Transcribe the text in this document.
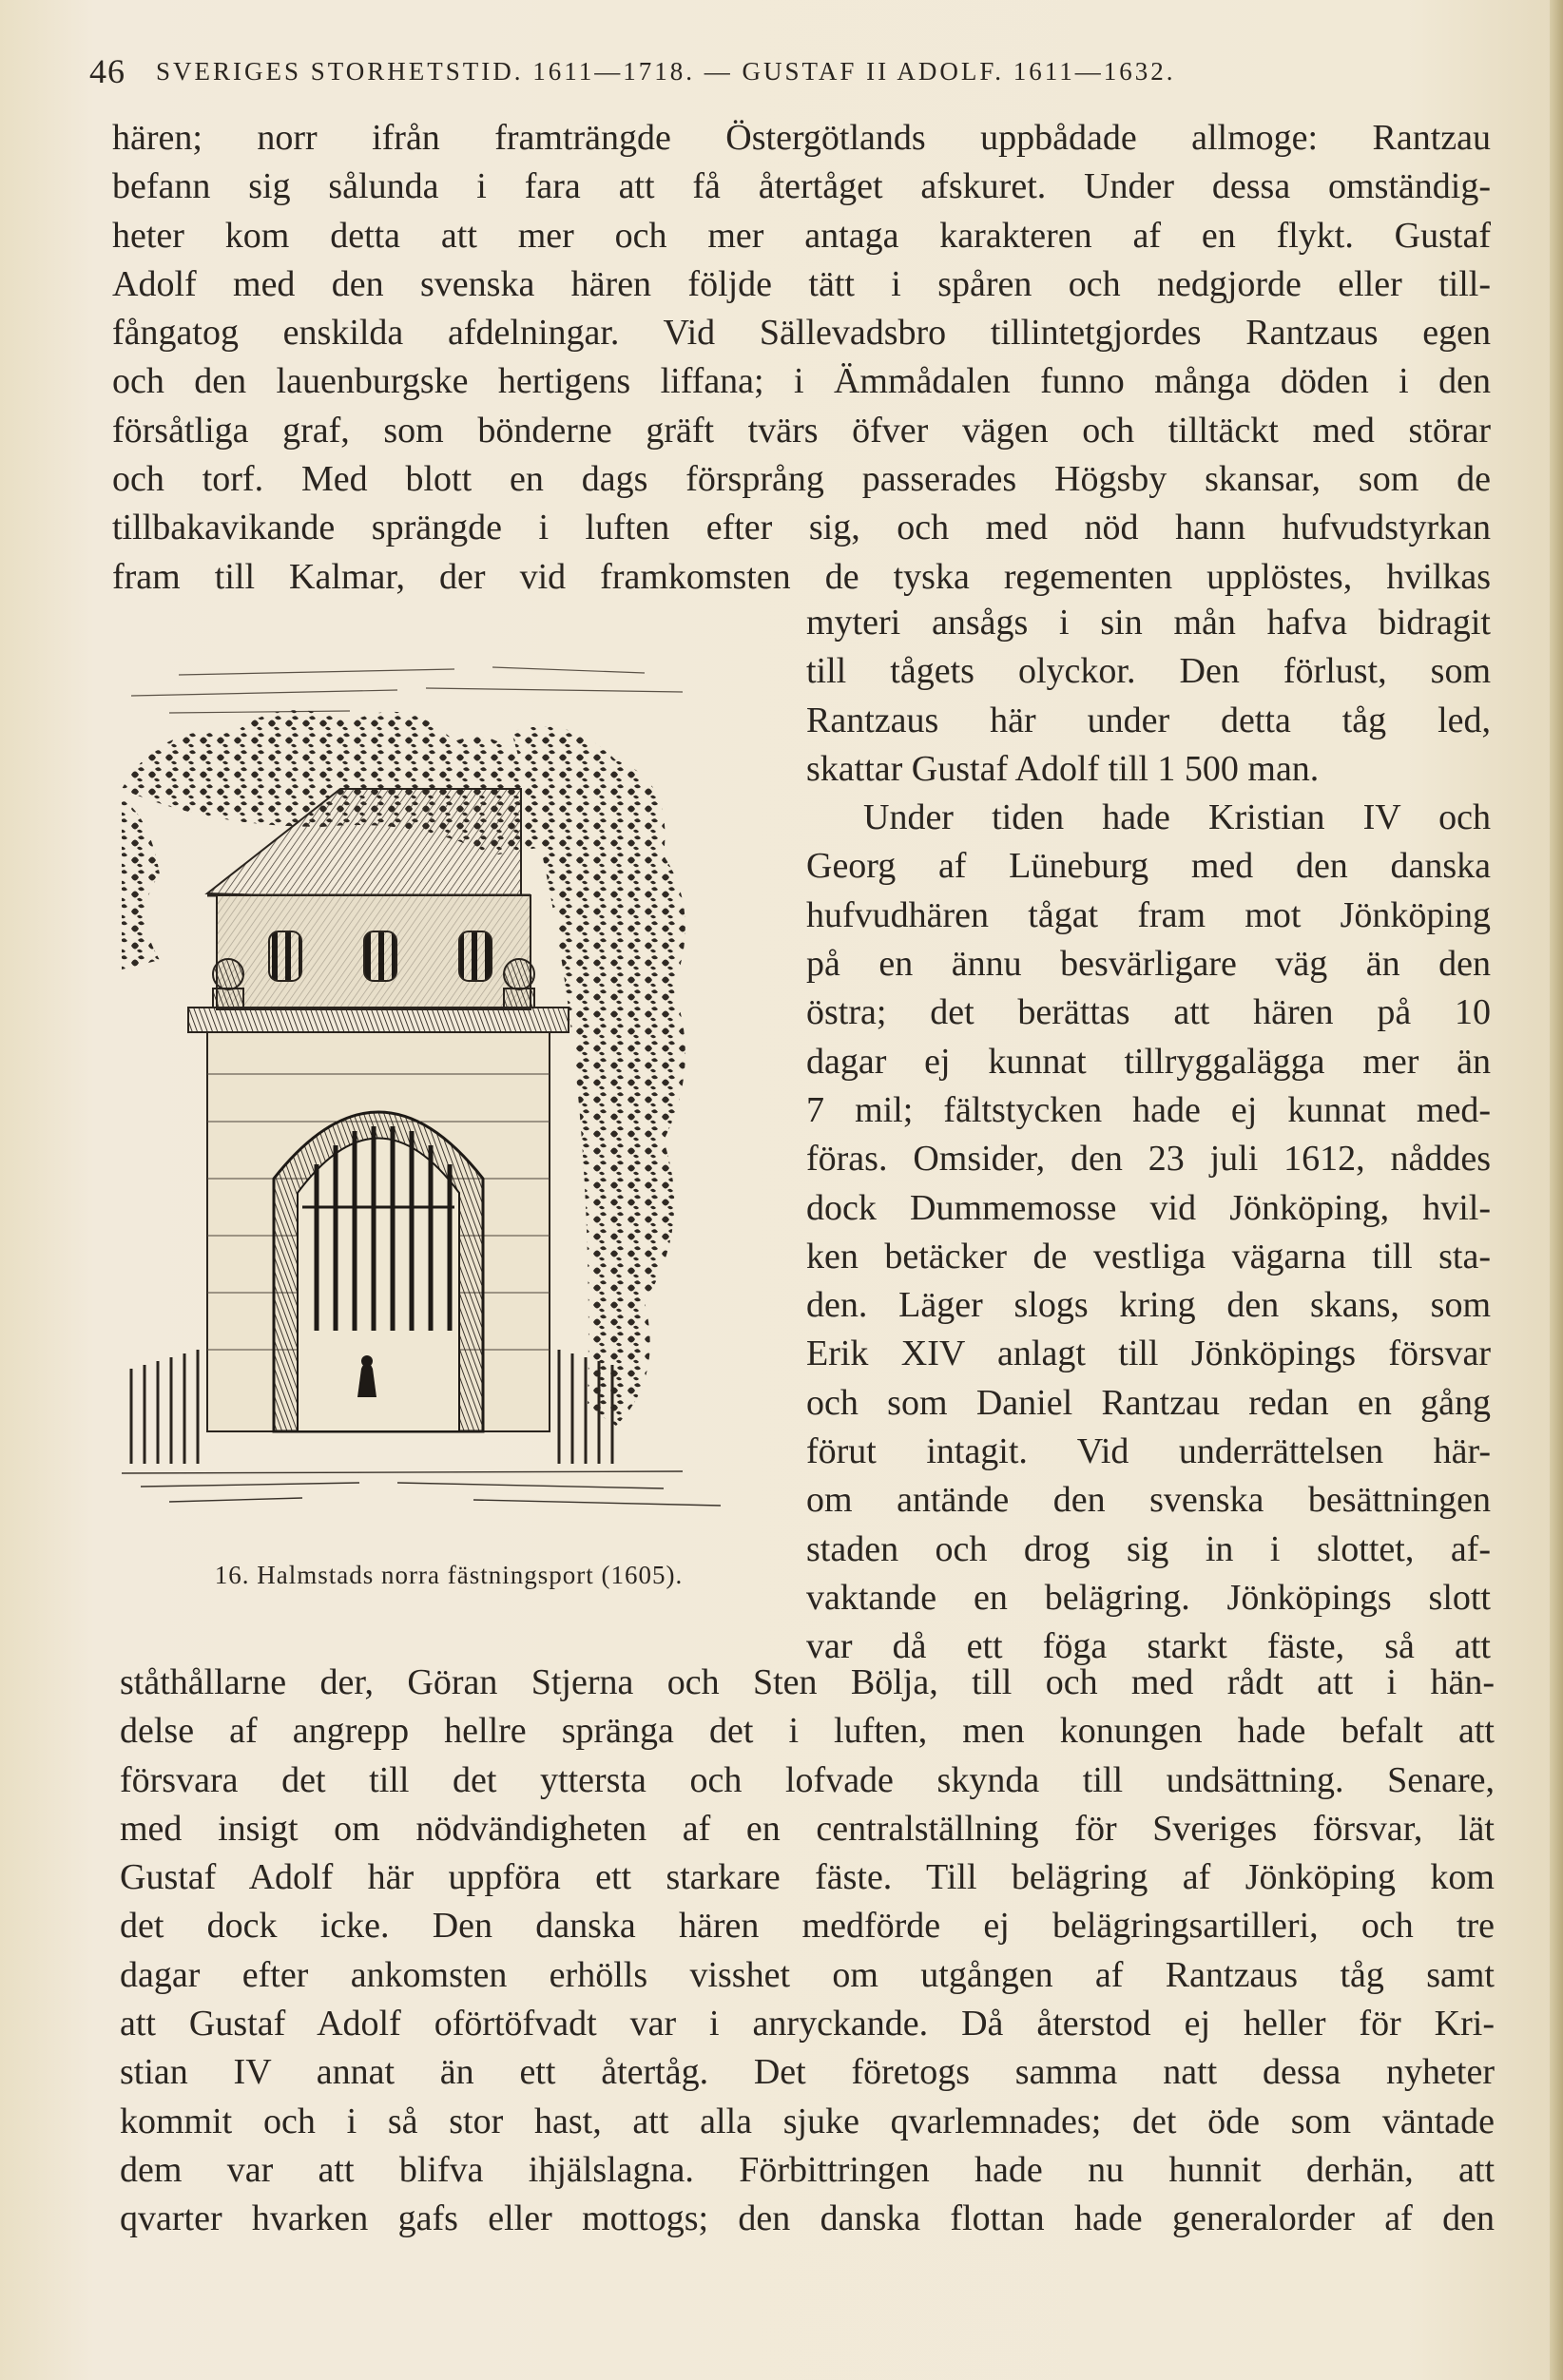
46 SVERIGES STORHETSTID. 1611—1718. — GUSTAF II ADOLF. 1611—1632.
hären; norr ifrån framträngde Östergötlands uppbådade allmoge: Rantzau
befann sig sålunda i fara att få återtåget afskuret. Under dessa omständig-
heter kom detta att mer och mer antaga karakteren af en flykt. Gustaf
Adolf med den svenska hären följde tätt i spåren och nedgjorde eller till-
fångatog enskilda afdelningar. Vid Sällevadsbro tillintetgjordes Rantzaus egen
och den lauenburgske hertigens liffana; i Ämmådalen funno många döden i den
försåtliga graf, som bönderne gräft tvärs öfver vägen och tilltäckt med störar
och torf. Med blott en dags försprång passerades Högsby skansar, som de
tillbakavikande sprängde i luften efter sig, och med nöd hann hufvudstyrkan
fram till Kalmar, der vid framkomsten de tyska regementen upplöstes, hvilkas
16. Halmstads norra fästningsport (1605).
myteri ansågs i sin mån hafva bidragit
till tågets olyckor. Den förlust, som
Rantzaus här under detta tåg led,
skattar Gustaf Adolf till 1 500 man.
Under tiden hade Kristian IV och
Georg af Lüneburg med den danska
hufvudhären tågat fram mot Jönköping
på en ännu besvärligare väg än den
östra; det berättas att hären på 10
dagar ej kunnat tillryggalägga mer än
7 mil; fältstycken hade ej kunnat med-
föras. Omsider, den 23 juli 1612, nåddes
dock Dummemosse vid Jönköping, hvil-
ken betäcker de vestliga vägarna till sta-
den. Läger slogs kring den skans, som
Erik XIV anlagt till Jönköpings försvar
och som Daniel Rantzau redan en gång
förut intagit. Vid underrättelsen här-
om antände den svenska besättningen
staden och drog sig in i slottet, af-
vaktande en belägring. Jönköpings slott
var då ett föga starkt fäste, så att
ståthållarne der, Göran Stjerna och Sten Bölja, till och med rådt att i hän-
delse af angrepp hellre spränga det i luften, men konungen hade befalt att
försvara det till det yttersta och lofvade skynda till undsättning. Senare,
med insigt om nödvändigheten af en centralställning för Sveriges försvar, lät
Gustaf Adolf här uppföra ett starkare fäste. Till belägring af Jönköping kom
det dock icke. Den danska hären medförde ej belägringsartilleri, och tre
dagar efter ankomsten erhölls visshet om utgången af Rantzaus tåg samt
att Gustaf Adolf oförtöfvadt var i anryckande. Då återstod ej heller för Kri-
stian IV annat än ett återtåg. Det företogs samma natt dessa nyheter
kommit och i så stor hast, att alla sjuke qvarlemnades; det öde som väntade
dem var att blifva ihjälslagna. Förbittringen hade nu hunnit derhän, att
qvarter hvarken gafs eller mottogs; den danska flottan hade generalorder af den
